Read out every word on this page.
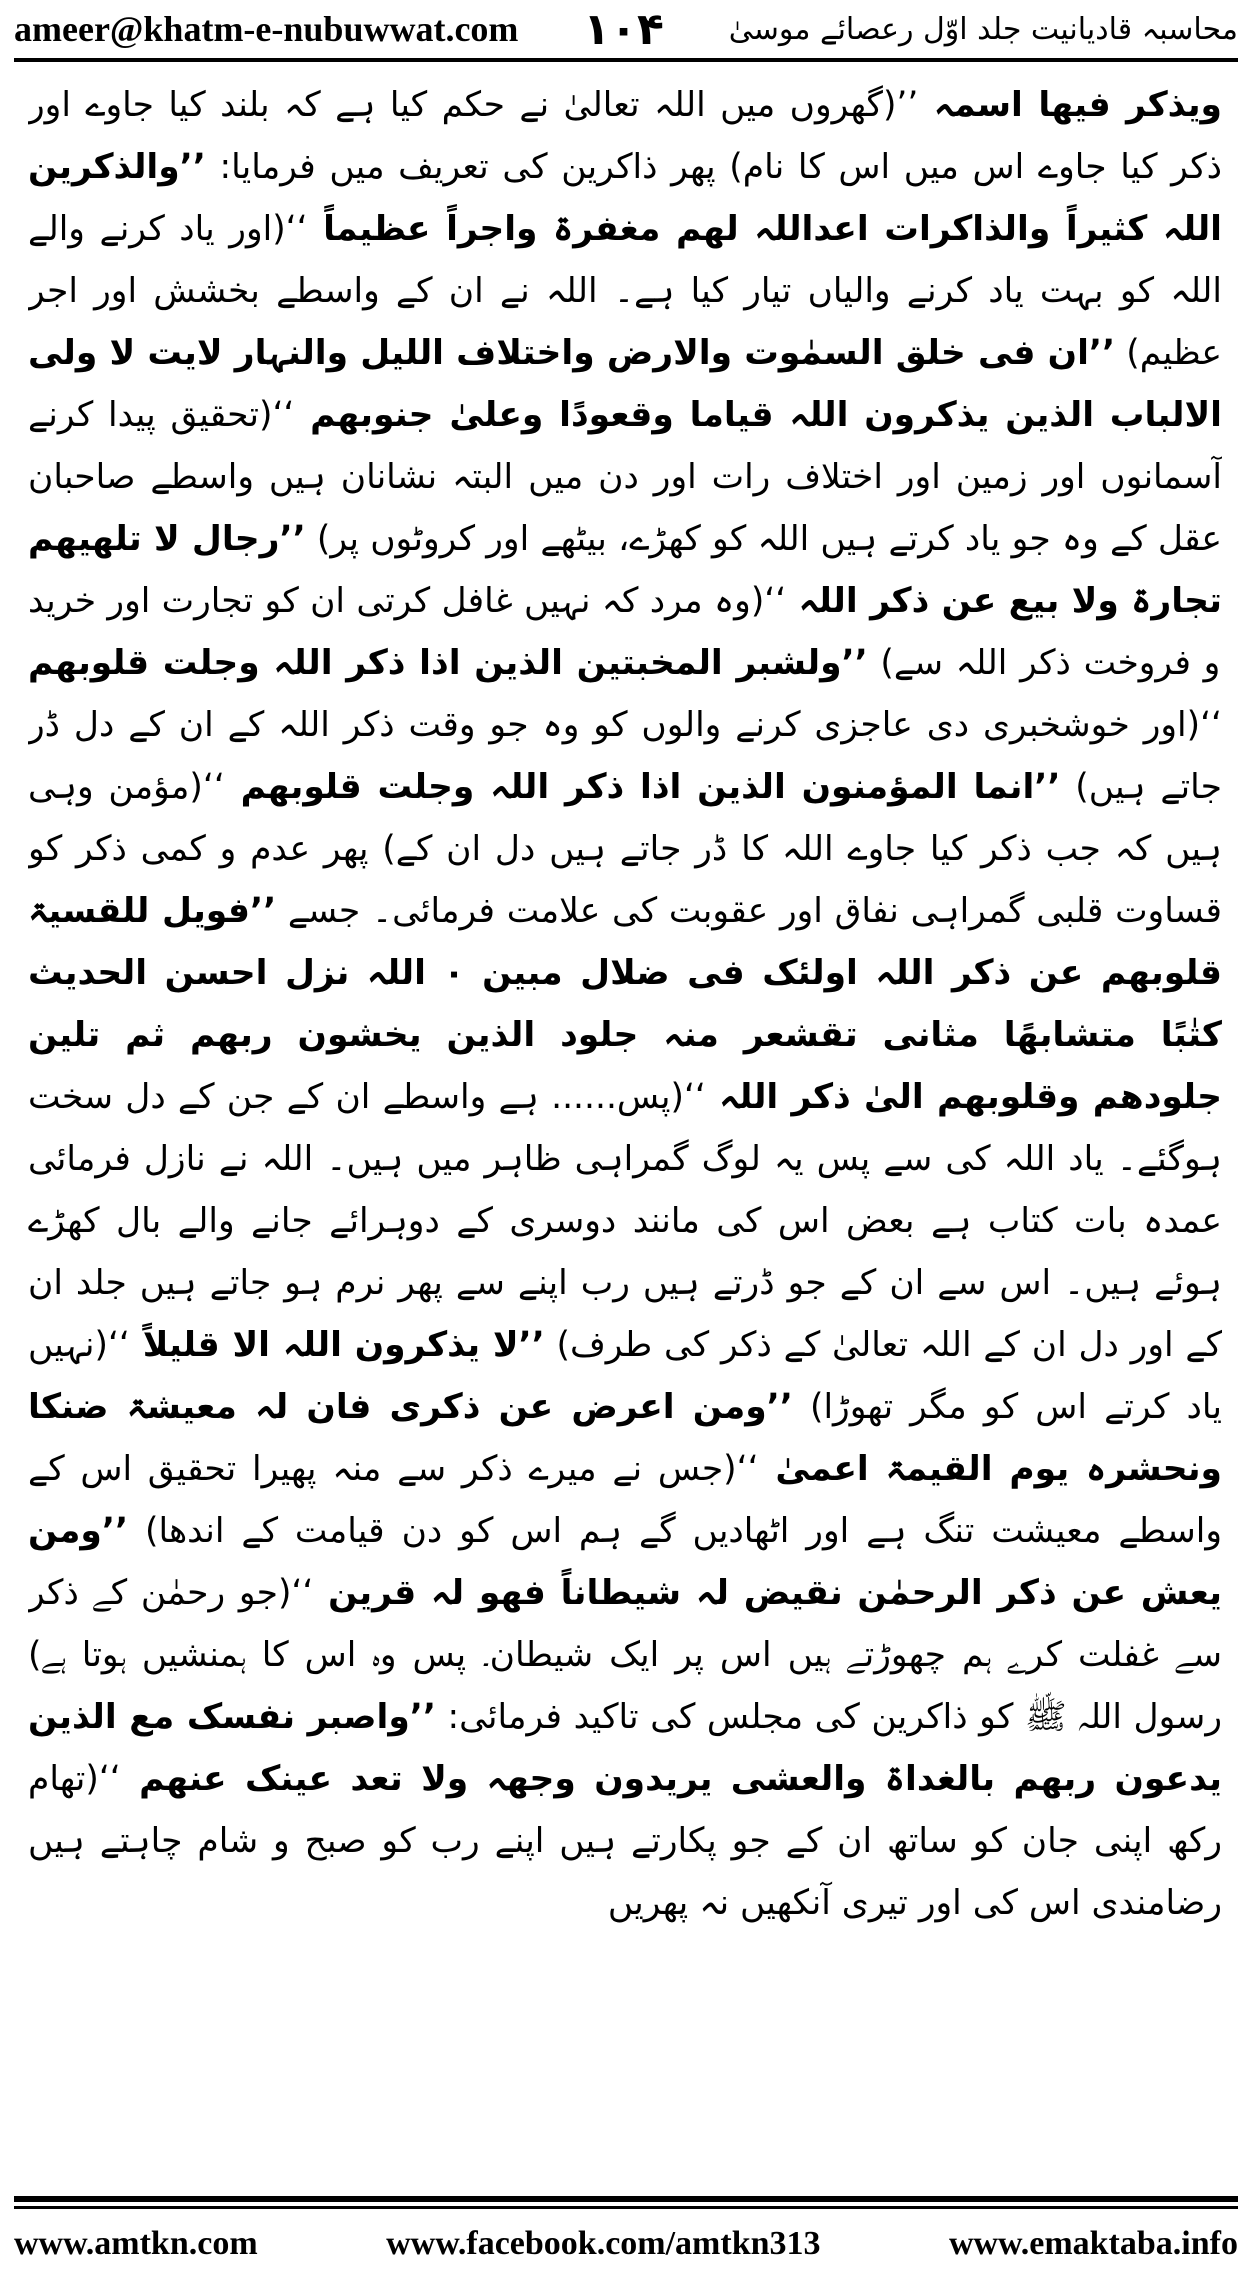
ameer@khatm-e-nubuwwat.com ۱۰۴ محاسبہ قادیانیت جلد اوّل رعصائے موسیٰ
ویذکر فیھا اسمہ ’’(گھروں میں اللہ تعالیٰ نے حکم کیا ہے کہ بلند کیا جاوے اور ذکر کیا جاوے اس میں اس کا نام) پھر ذاکرین کی تعریف میں فرمایا: ’’والذکرین اللہ کثیراً والذاکرات اعداللہ لھم مغفرۃ واجراً عظیماً ‘‘(اور یاد کرنے والے اللہ کو بہت یاد کرنے والیاں تیار کیا ہے۔ اللہ نے ان کے واسطے بخشش اور اجر عظیم) ’’ان فی خلق السمٰوت والارض واختلاف اللیل والنہار لایت لا ولی الالباب الذین یذکرون اللہ قیاما وقعودًا وعلیٰ جنوبھم ‘‘(تحقیق پیدا کرنے آسمانوں اور زمین اور اختلاف رات اور دن میں البتہ نشانان ہیں واسطے صاحبان عقل کے وہ جو یاد کرتے ہیں اللہ کو کھڑے، بیٹھے اور کروٹوں پر) ’’رجال لا تلھیھم تجارۃ ولا بیع عن ذکر اللہ ‘‘(وہ مرد کہ نہیں غافل کرتی ان کو تجارت اور خرید و فروخت ذکر اللہ سے) ’’ولشبر المخبتین الذین اذا ذکر اللہ وجلت قلوبھم ‘‘(اور خوشخبری دی عاجزی کرنے والوں کو وہ جو وقت ذکر اللہ کے ان کے دل ڈر جاتے ہیں) ’’انما المؤمنون الذین اذا ذکر اللہ وجلت قلوبھم ‘‘(مؤمن وہی ہیں کہ جب ذکر کیا جاوے اللہ کا ڈر جاتے ہیں دل ان کے) پھر عدم و کمی ذکر کو قساوت قلبی گمراہی نفاق اور عقوبت کی علامت فرمائی۔ جسے ’’فویل للقسیۃ قلوبھم عن ذکر اللہ اولئک فی ضلال مبین ۰ اللہ نزل احسن الحدیث کتٰبًا متشابھًا مثانی تقشعر منہ جلود الذین یخشون ربھم ثم تلین جلودھم وقلوبھم الیٰ ذکر اللہ ‘‘(پس...... ہے واسطے ان کے جن کے دل سخت ہوگئے۔ یاد اللہ کی سے پس یہ لوگ گمراہی ظاہر میں ہیں۔ اللہ نے نازل فرمائی عمدہ بات کتاب ہے بعض اس کی مانند دوسری کے دوہرائے جانے والے بال کھڑے ہوئے ہیں۔ اس سے ان کے جو ڈرتے ہیں رب اپنے سے پھر نرم ہو جاتے ہیں جلد ان کے اور دل ان کے اللہ تعالیٰ کے ذکر کی طرف) ’’لا یذکرون اللہ الا قلیلاً ‘‘(نہیں یاد کرتے اس کو مگر تھوڑا) ’’ومن اعرض عن ذکری فان لہ معیشۃ ضنکا ونحشرہ یوم القیمۃ اعمیٰ ‘‘(جس نے میرے ذکر سے منہ پھیرا تحقیق اس کے واسطے معیشت تنگ ہے اور اٹھادیں گے ہم اس کو دن قیامت کے اندھا) ’’ومن یعش عن ذکر الرحمٰن نقیض لہ شیطاناً فھو لہ قرین ‘‘(جو رحمٰن کے ذکر سے غفلت کرے ہم چھوڑتے ہیں اس پر ایک شیطان۔ پس وہ اس کا ہمنشیں ہوتا ہے) رسول اللہ ﷺ کو ذاکرین کی مجلس کی تاکید فرمائی: ’’واصبر نفسک مع الذین یدعون ربھم بالغداۃ والعشی یریدون وجھہ ولا تعد عینک عنھم ‘‘(تھام رکھ اپنی جان کو ساتھ ان کے جو پکارتے ہیں اپنے رب کو صبح و شام چاہتے ہیں رضامندی اس کی اور تیری آنکھیں نہ پھریں
www.amtkn.com	www.facebook.com/amtkn313	www.emaktaba.info
